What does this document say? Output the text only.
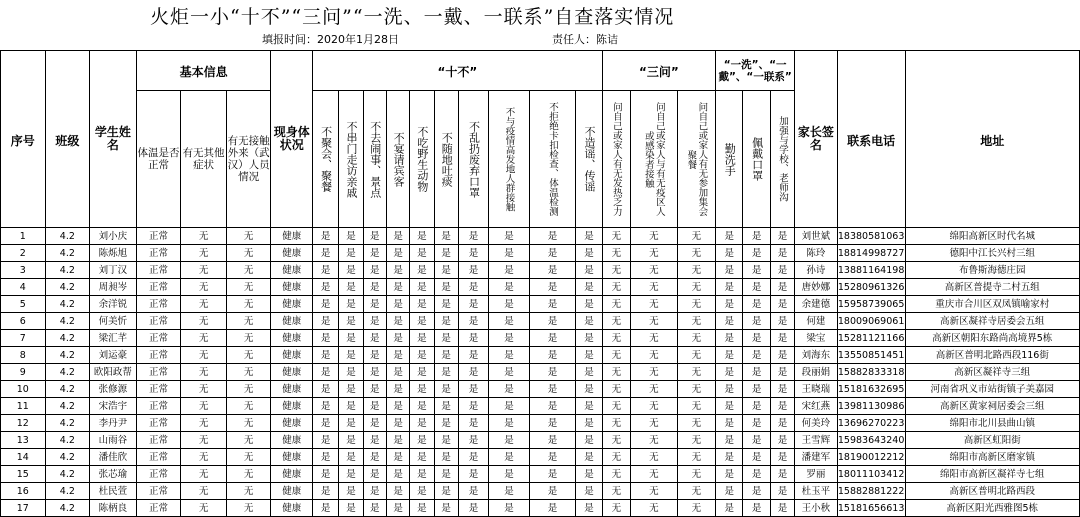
火炬一小“十不”“三问”“一洗、一戴、一联系”自查落实情况
填报时间：2020年1月28日	责任人：陈诘
序号	班级	学生姓名	基本信息			现身体状况	“十不”										“三问”			“一洗”、“一戴”、“一联系”			家长签名	联系电话	地址
			体温是否正常	有无其他症状	有无接触外来（武汉）人员情况		不聚会、聚餐	不串门走访亲戚	不去闹事、景点	不宴请宾客	不吃野生动物	不随地吐痰	不乱扔废弃口罩	不与疫情高发地人群接触	不拒绝卡扣检查、体温检测	不造谣、传谣	问自己或家人有无发热乏力	问自己或家人与有无疫区人或感染者接触	问自己或家人有无参加集会聚餐	勤洗手	佩戴口罩	加强与学校、老师沟			

1	4.2	刘小庆	正常	无	无	健康	是	是	是	是	是	是	是	是	是	是	无	无	无	是	是	是	刘世斌	18380581063	绵阳高新区时代名城
2	4.2	陈烁旭	正常	无	无	健康	是	是	是	是	是	是	是	是	是	是	无	无	无	是	是	是	陈玲	18814998727	德阳中江长兴村三组
3	4.2	刘丁汉	正常	无	无	健康	是	是	是	是	是	是	是	是	是	是	无	无	无	是	是	是	孙诗	13881164198	布鲁斯海德庄园
4	4.2	周昶岑	正常	无	无	健康	是	是	是	是	是	是	是	是	是	是	无	无	无	是	是	是	唐妙娜	15280961326	高新区普提寺二村五组
5	4.2	余洋锐	正常	无	无	健康	是	是	是	是	是	是	是	是	是	是	无	无	无	是	是	是	余建德	15958739065	重庆市合川区双凤镇喻家村
6	4.2	何美忻	正常	无	无	健康	是	是	是	是	是	是	是	是	是	是	无	无	无	是	是	是	何建	18009069061	高新区凝祥寺居委会五组
7	4.2	梁汇芊	正常	无	无	健康	是	是	是	是	是	是	是	是	是	是	无	无	无	是	是	是	梁宝	15281121166	高新区朝阳东路尚高境界5栋
8	4.2	刘运豪	正常	无	无	健康	是	是	是	是	是	是	是	是	是	是	无	无	无	是	是	是	刘海东	13550851451	高新区普明北路西段116街
9	4.2	欧阳政帮	正常	无	无	健康	是	是	是	是	是	是	是	是	是	是	无	无	无	是	是	是	段丽娟	15882833318	高新区凝祥寺三组
10	4.2	张修源	正常	无	无	健康	是	是	是	是	是	是	是	是	是	是	无	无	无	是	是	是	王晓瑞	15181632695	河南省巩义市站街镇子美嘉园
11	4.2	宋浩宇	正常	无	无	健康	是	是	是	是	是	是	是	是	是	是	无	无	无	是	是	是	宋红燕	13981130986	高新区黄家祠居委会三组
12	4.2	李丹尹	正常	无	无	健康	是	是	是	是	是	是	是	是	是	是	无	无	无	是	是	是	何美玲	13696270223	绵阳市北川县曲山镇
13	4.2	山雨谷	正常	无	无	健康	是	是	是	是	是	是	是	是	是	是	无	无	无	是	是	是	王雪辉	15983643240	高新区虹阳街
14	4.2	潘佳欣	正常	无	无	健康	是	是	是	是	是	是	是	是	是	是	无	无	无	是	是	是	潘建军	18190012212	绵阳市高新区磨家镇
15	4.2	张芯瑜	正常	无	无	健康	是	是	是	是	是	是	是	是	是	是	无	无	无	是	是	是	罗丽	18011103412	绵阳市高新区凝祥寺七组
16	4.2	杜民萱	正常	无	无	健康	是	是	是	是	是	是	是	是	是	是	无	无	无	是	是	是	杜玉平	15882881222	高新区普明北路西段
17	4.2	陈柄良	正常	无	无	健康	是	是	是	是	是	是	是	是	是	是	无	无	无	是	是	是	王小秋	15181656613	高新区阳光西雅图5栋
